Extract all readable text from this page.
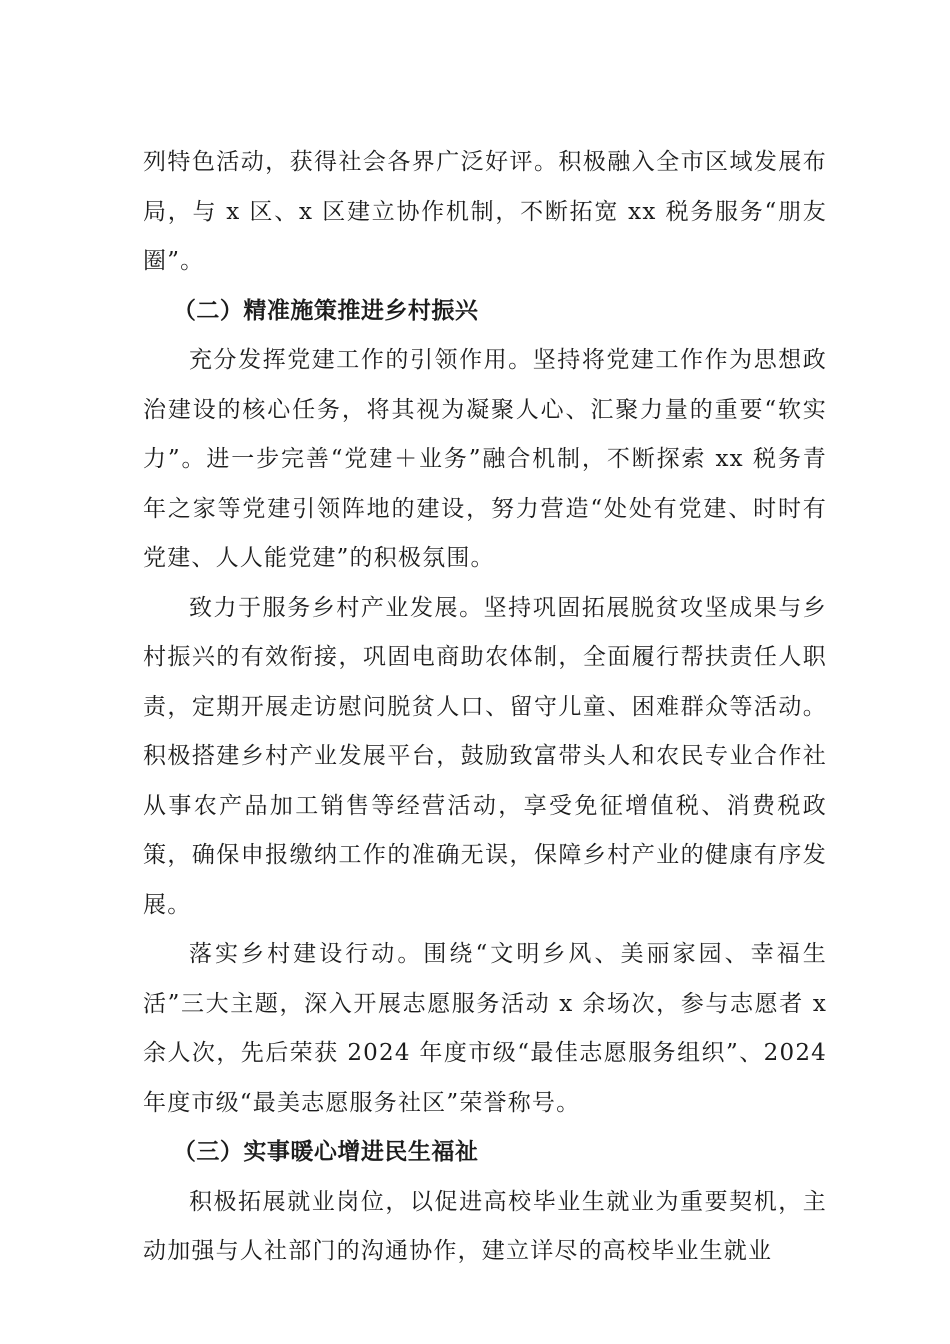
列特色活动，获得社会各界广泛好评。积极融入全市区域发展布局，与 x 区、x 区建立协作机制，不断拓宽 xx 税务服务“朋友圈”。

（二）精准施策推进乡村振兴

充分发挥党建工作的引领作用。坚持将党建工作作为思想政治建设的核心任务，将其视为凝聚人心、汇聚力量的重要“软实力”。进一步完善“党建＋业务”融合机制，不断探索 xx 税务青年之家等党建引领阵地的建设，努力营造“处处有党建、时时有党建、人人能党建”的积极氛围。

致力于服务乡村产业发展。坚持巩固拓展脱贫攻坚成果与乡村振兴的有效衔接，巩固电商助农体制，全面履行帮扶责任人职责，定期开展走访慰问脱贫人口、留守儿童、困难群众等活动。积极搭建乡村产业发展平台，鼓励致富带头人和农民专业合作社从事农产品加工销售等经营活动，享受免征增值税、消费税政策，确保申报缴纳工作的准确无误，保障乡村产业的健康有序发展。

落实乡村建设行动。围绕“文明乡风、美丽家园、幸福生活”三大主题，深入开展志愿服务活动 x 余场次，参与志愿者 x 余人次，先后荣获 2024 年度市级“最佳志愿服务组织”、2024 年度市级“最美志愿服务社区”荣誉称号。

（三）实事暖心增进民生福祉

积极拓展就业岗位，以促进高校毕业生就业为重要契机，主动加强与人社部门的沟通协作，建立详尽的高校毕业生就业
